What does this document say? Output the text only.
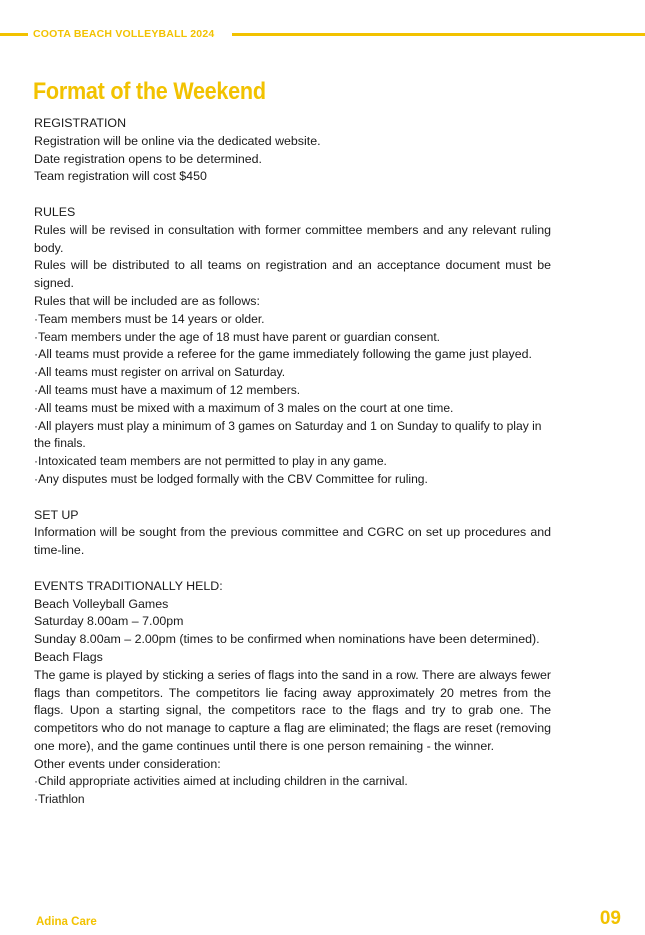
COOTA BEACH VOLLEYBALL 2024
Format of the Weekend

REGISTRATION

Registration will be online via the dedicated website.

Date registration opens to be determined.

Team registration will cost $450

RULES

Rules will be revised in consultation with former committee members and any relevant ruling body.

Rules will be distributed to all teams on registration and an acceptance document must be signed.

Rules that will be included are as follows:

·Team members must be 14 years or older.

·Team members under the age of 18 must have parent or guardian consent.

·All teams must provide a referee for the game immediately following the game just played.

·All teams must register on arrival on Saturday.

·All teams must have a maximum of 12 members.

·All teams must be mixed with a maximum of 3 males on the court at one time.

·All players must play a minimum of 3 games on Saturday and 1 on Sunday to qualify to play in the finals.

·Intoxicated team members are not permitted to play in any game.

·Any disputes must be lodged formally with the CBV Committee for ruling.

SET UP

Information will be sought from the previous committee and CGRC on set up procedures and time-line.

EVENTS TRADITIONALLY HELD:

Beach Volleyball Games

Saturday 8.00am – 7.00pm

Sunday 8.00am – 2.00pm (times to be confirmed when nominations have been determined).

Beach Flags

The game is played by sticking a series of flags into the sand in a row. There are always fewer flags than competitors. The competitors lie facing away approximately 20 metres from the flags. Upon a starting signal, the competitors race to the flags and try to grab one. The competitors who do not manage to capture a flag are eliminated; the flags are reset (removing one more), and the game continues until there is one person remaining - the winner.

Other events under consideration:

·Child appropriate activities aimed at including children in the carnival.

·Triathlon

Adina Care	09
